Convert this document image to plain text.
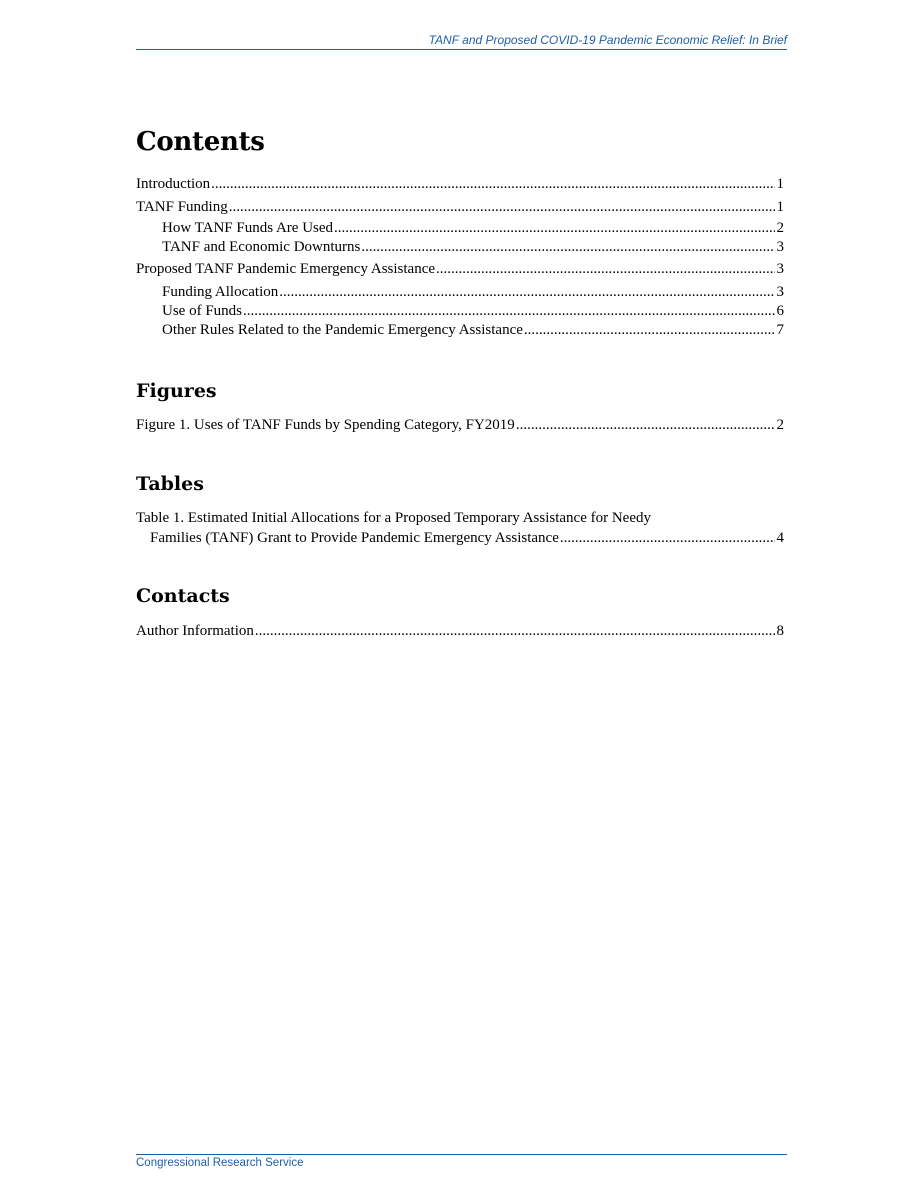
TANF and Proposed COVID-19 Pandemic Economic Relief: In Brief
Contents
Introduction .....	1
TANF Funding .....	1
How TANF Funds Are Used .....	2
TANF and Economic Downturns .....	3
Proposed TANF Pandemic Emergency Assistance .....	3
Funding Allocation .....	3
Use of Funds .....	6
Other Rules Related to the Pandemic Emergency Assistance .....	7
Figures
Figure 1. Uses of TANF Funds by Spending Category, FY2019 .....	2
Tables
Table 1. Estimated Initial Allocations for a Proposed Temporary Assistance for Needy
Families (TANF) Grant to Provide Pandemic Emergency Assistance .....	4
Contacts
Author Information .....	8
Congressional Research Service
